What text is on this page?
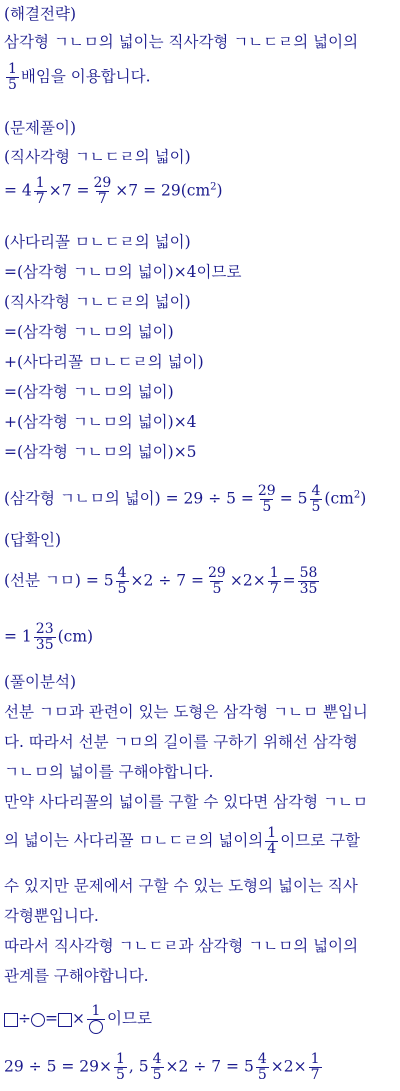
(해결전략)
삼각형 ㄱㄴㅁ의 넓이는 직사각형 ㄱㄴㄷㄹ의 넓이의
$\frac{1}{5}$ 배임을 이용합니다.
(문제풀이)
(직사각형 ㄱㄴㄷㄹ의 넓이)
= $4 \frac{1}{7} \times 7 = \frac{29}{7} \times 7 = 29(cm^2)$
(사다리꼴 ㅁㄴㄷㄹ의 넓이)
=(삼각형 ㄱㄴㅁ의 넓이)×4이므로
(직사각형 ㄱㄴㄷㄹ의 넓이)
=(삼각형 ㄱㄴㅁ의 넓이)
+(사다리꼴 ㅁㄴㄷㄹ의 넓이)
=(삼각형 ㄱㄴㅁ의 넓이)
+(삼각형 ㄱㄴㅁ의 넓이)×4
=(삼각형 ㄱㄴㅁ의 넓이)×5
(삼각형 ㄱㄴㅁ의 넓이) = $29 \div 5 = \frac{29}{5} = 5 \frac{4}{5} (cm^2)$
(답확인)
(선분 ㄱㅁ) = $5 \frac{4}{5} \times 2 \div 7 = \frac{29}{5} \times 2\times \frac{1}{7} = \frac{58}{35}$
= $1 \frac{23}{35} (cm)$
(풀이분석)
선분 ㄱㅁ과 관련이 있는 도형은 삼각형 ㄱㄴㅁ 뿐입니
다. 따라서 선분 ㄱㅁ의 길이를 구하기 위해선 삼각형
ㄱㄴㅁ의 넓이를 구해야합니다.
만약 사다리꼴의 넓이를 구할 수 있다면 삼각형 ㄱㄴㅁ
의 넓이는 사다리꼴 ㅁㄴㄷㄹ의 넓이의 $\frac{1}{4}$ 이므로 구할
수 있지만 문제에서 구할 수 있는 도형의 넓이는 직사
각형뿐입니다.
따라서 직사각형 ㄱㄴㄷㄹ과 삼각형 ㄱㄴㅁ의 넓이의
관계를 구해야합니다.
÷ = × 1 이므로
$29 \div 5 = 29\times \frac{1}{5}$ , $5 \frac{4}{5} \times 2 \div 7 = 5 \frac{4}{5} \times 2\times \frac{1}{7}$
